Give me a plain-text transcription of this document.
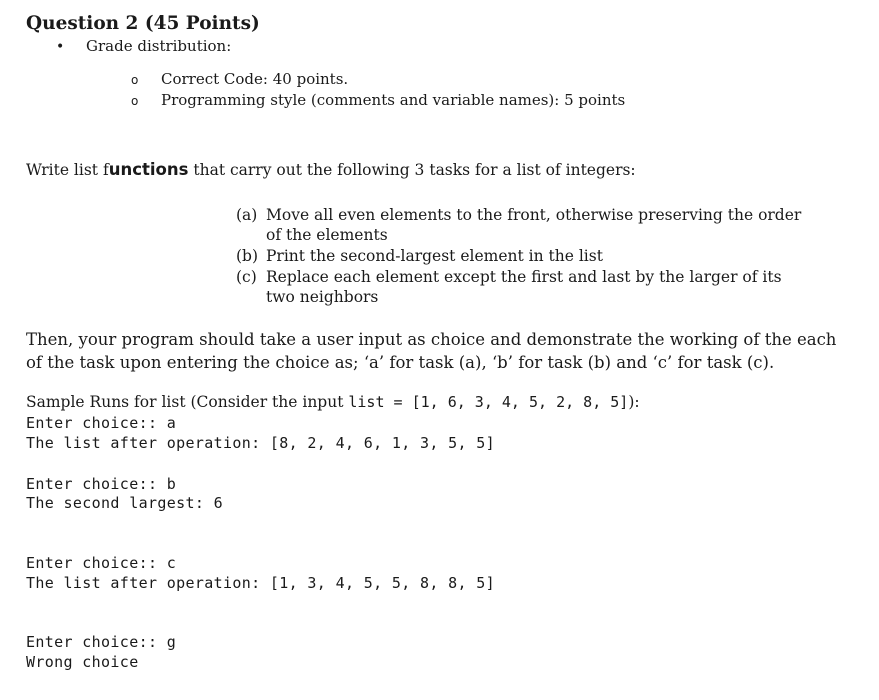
Question 2 (45 Points)
• Grade distribution:
o Correct Code: 40 points.
o Programming style (comments and variable names): 5 points
Write list functions that carry out the following 3 tasks for a list of integers:
(a) Move all even elements to the front, otherwise preserving the order of the elements
(b) Print the second-largest element in the list
(c) Replace each element except the first and last by the larger of its two neighbors
Then, your program should take a user input as choice and demonstrate the working of the each of the task upon entering the choice as; ‘a’ for task (a), ‘b’ for task (b) and ‘c’ for task (c).
Sample Runs for list (Consider the input list = [1, 6, 3, 4, 5, 2, 8, 5]):
Enter choice:: a
The list after operation: [8, 2, 4, 6, 1, 3, 5, 5]
Enter choice:: b
The second largest: 6
Enter choice:: c
The list after operation: [1, 3, 4, 5, 5, 8, 8, 5]
Enter choice:: g
Wrong choice
